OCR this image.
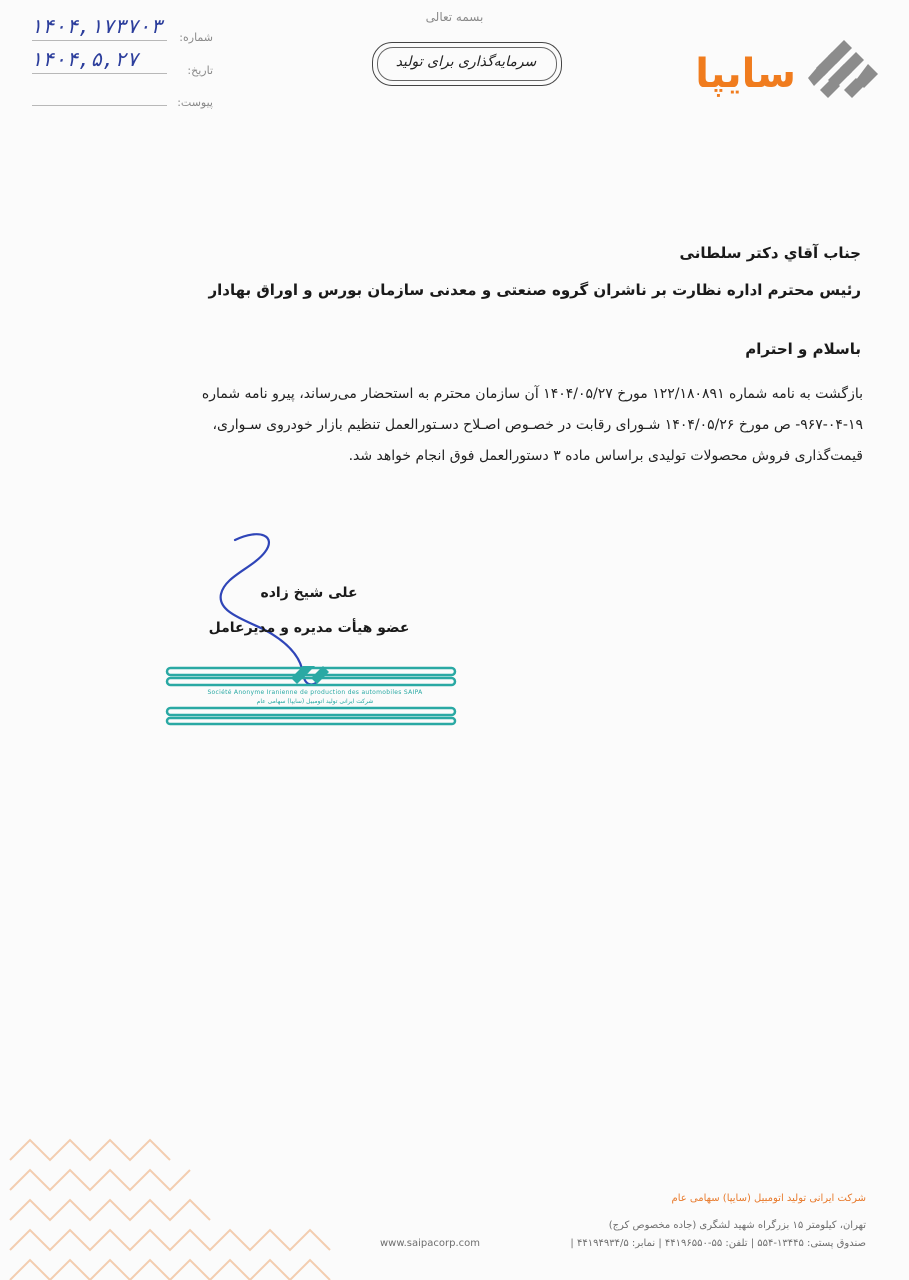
بسمه تعالی
سرمایه‌گذاری برای تولید	سایپا
شماره:
۱۴۰۴,۱۷۳۷۰۳
تاریخ:
۱۴۰۴,۵,۲۷
پیوست:
جناب آقاي دکتر سلطانی
رئیس محترم اداره نظارت بر ناشران گروه صنعتی و معدنی سازمان بورس و اوراق بهادار
باسلام و احترام

بازگشت به نامه شماره ۱۲۲/۱۸۰۸۹۱ مورخ ۱۴۰۴/۰۵/۲۷ آن سازمان محترم به استحضار می‌رساند، پیرو نامه شماره

۹۶۷-۰۴-۱۹- ص مورخ ۱۴۰۴/۰۵/۲۶ شـورای رقابت در خصـوص اصـلاح دسـتورالعمل تنظیم بازار خودروی سـواری،

قیمت‌گذاری فروش محصولات تولیدی براساس ماده ۳ دستورالعمل فوق انجام خواهد شد.

علی شیخ زاده
عضو هیأت مدیره و مدیرعامل
Société Anonyme Iranienne de production des automobiles SAIPA
شرکت ایرانی تولید اتومبیل (سایپا) سهامی عام
شرکت ایرانی تولید اتومبیل (سایپا) سهامی عام
تهران، کیلومتر ۱۵ بزرگراه شهید لشگری (جاده مخصوص کرج)
صندوق پستی: ۱۳۴۴۵-۵۵۴ | تلفن: ۵۵-۴۴۱۹۶۵۵۰ | نمابر: ۴۴۱۹۴۹۳۴/۵ |
www.saipacorp.com
